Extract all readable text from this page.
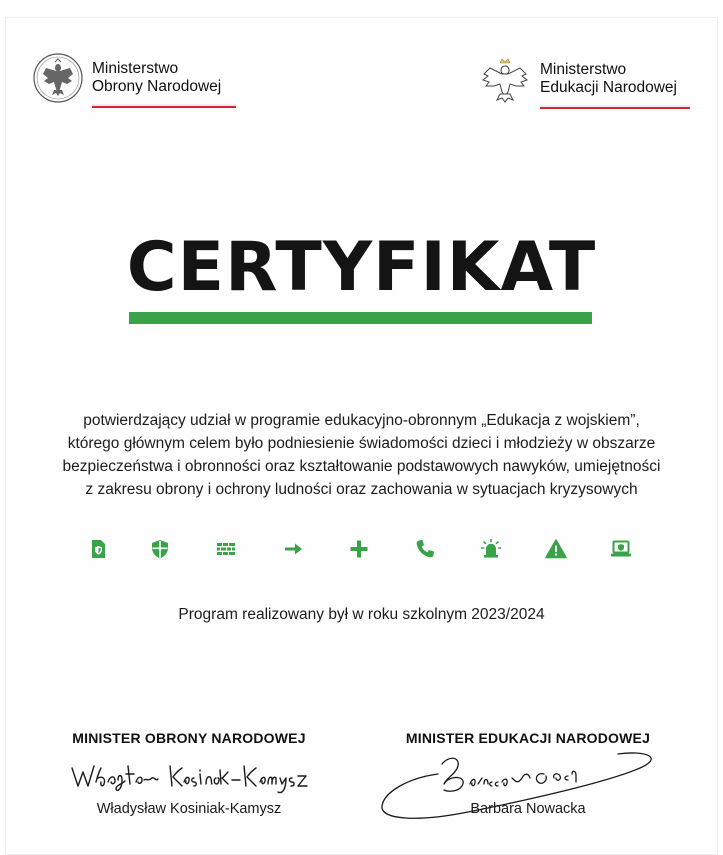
Ministerstwo
Obrony Narodowej
Ministerstwo
Edukacji Narodowej
CERTYFIKAT

potwierdzający udział w programie edukacyjno-obronnym „Edukacja z wojskiem”,

którego głównym celem było podniesienie świadomości dzieci i młodzieży w obszarze

bezpieczeństwa i obronności oraz kształtowanie podstawowych nawyków, umiejętności

z zakresu obrony i ochrony ludności oraz zachowania w sytuacjach kryzysowych

Program realizowany był w roku szkolnym 2023/2024
MINISTER OBRONY NARODOWEJ	MINISTER EDUKACJI NARODOWEJ
Władysław Kosiniak-Kamysz	Barbara Nowacka
